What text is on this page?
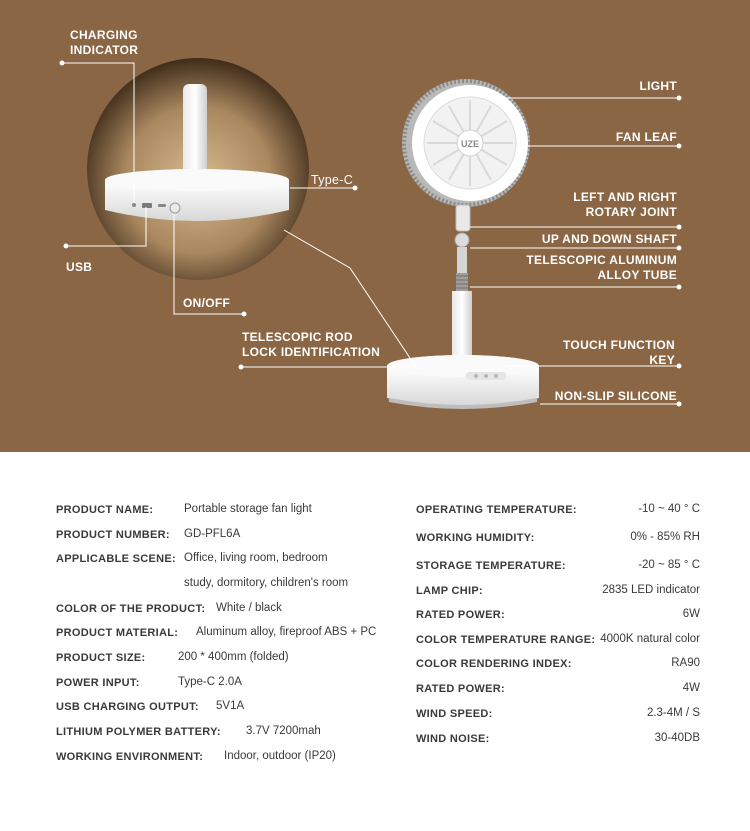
UZE
CHARGING
INDICATOR
USB
Type-C
ON/OFF
TELESCOPIC ROD
LOCK IDENTIFICATION
LIGHT
FAN LEAF
LEFT AND RIGHT
ROTARY JOINT
UP AND DOWN SHAFT
TELESCOPIC ALUMINUM
ALLOY TUBE
TOUCH FUNCTION
KEY
NON-SLIP SILICONE
PRODUCT NAME:	Portable storage fan light
PRODUCT NUMBER: GD-PFL6A
APPLICABLE SCENE: Office, living room, bedroom
study, dormitory, children's room
COLOR OF THE PRODUCT: White / black
PRODUCT MATERIAL: Aluminum alloy, fireproof ABS + PC
PRODUCT SIZE:	200 * 400mm (folded)
POWER INPUT:	Type-C 2.0A
USB CHARGING OUTPUT: 5V1A
LITHIUM POLYMER BATTERY: 3.7V 7200mah
WORKING ENVIRONMENT: Indoor, outdoor (IP20)
OPERATING TEMPERATURE:	-10 ~ 40 ° C
WORKING HUMIDITY:	0% - 85% RH
STORAGE TEMPERATURE:	-20 ~ 85 ° C
LAMP CHIP:	2835 LED indicator
RATED POWER:	6W
COLOR TEMPERATURE RANGE: 4000K natural color
COLOR RENDERING INDEX:	RA90
RATED POWER:	4W
WIND SPEED:	2.3-4M / S
WIND NOISE:	30-40DB
